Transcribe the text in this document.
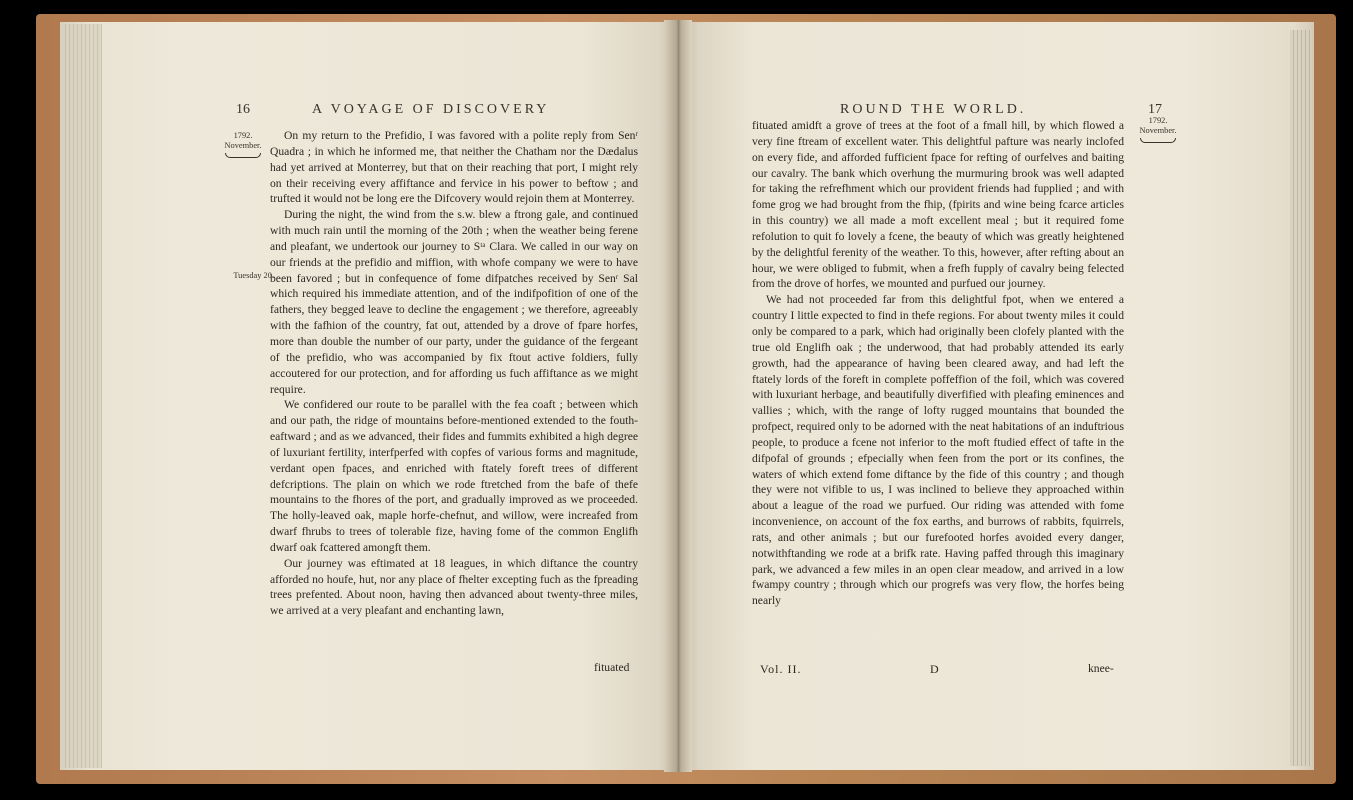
16	A VOYAGE OF DISCOVERY
1792.
November.
Tuesday 20.

On my return to the Prefidio, I was favored with a polite reply from Senʳ Quadra ; in which he informed me, that neither the Chatham nor the Dædalus had yet arrived at Monterrey, but that on their reaching that port, I might rely on their receiving every affiftance and fervice in his power to beftow ; and trufted it would not be long ere the Difcovery would rejoin them at Monterrey.

During the night, the wind from the s.w. blew a ftrong gale, and continued with much rain until the morning of the 20th ; when the weather being ferene and pleafant, we undertook our journey to Sᵗᵃ Clara. We called in our way on our friends at the prefidio and miffion, with whofe company we were to have been favored ; but in confequence of fome difpatches received by Senʳ Sal which required his immediate attention, and of the indifpofition of one of the fathers, they begged leave to decline the engagement ; we therefore, agreeably with the fafhion of the country, fat out, attended by a drove of fpare horfes, more than double the number of our party, under the guidance of the fergeant of the prefidio, who was accompanied by fix ftout active foldiers, fully accoutered for our protection, and for affording us fuch affiftance as we might require.

We confidered our route to be parallel with the fea coaft ; between which and our path, the ridge of mountains before-mentioned extended to the fouth-eaftward ; and as we advanced, their fides and fummits exhibited a high degree of luxuriant fertility, interfperfed with copfes of various forms and magnitude, verdant open fpaces, and enriched with ftately foreft trees of different defcriptions. The plain on which we rode ftretched from the bafe of thefe mountains to the fhores of the port, and gradually improved as we proceeded. The holly-leaved oak, maple horfe-chefnut, and willow, were increafed from dwarf fhrubs to trees of tolerable fize, having fome of the common Englifh dwarf oak fcattered amongft them.

Our journey was eftimated at 18 leagues, in which diftance the country afforded no houfe, hut, nor any place of fhelter excepting fuch as the fpreading trees prefented. About noon, having then advanced about twenty-three miles, we arrived at a very pleafant and enchanting lawn,

fituated
ROUND THE WORLD.	17
1792.
November.

fituated amidft a grove of trees at the foot of a fmall hill, by which flowed a very fine ftream of excellent water. This delightful pafture was nearly inclofed on every fide, and afforded fufficient fpace for refting of ourfelves and baiting our cavalry. The bank which overhung the murmuring brook was well adapted for taking the refrefhment which our provident friends had fupplied ; and with fome grog we had brought from the fhip, (fpirits and wine being fcarce articles in this country) we all made a moft excellent meal ; but it required fome refolution to quit fo lovely a fcene, the beauty of which was greatly heightened by the delightful ferenity of the weather. To this, however, after refting about an hour, we were obliged to fubmit, when a frefh fupply of cavalry being felected from the drove of horfes, we mounted and purfued our journey.

We had not proceeded far from this delightful fpot, when we entered a country I little expected to find in thefe regions. For about twenty miles it could only be compared to a park, which had originally been clofely planted with the true old Englifh oak ; the underwood, that had probably attended its early growth, had the appearance of having been cleared away, and had left the ftately lords of the foreft in complete poffeffion of the foil, which was covered with luxuriant herbage, and beautifully diverfified with pleafing eminences and vallies ; which, with the range of lofty rugged mountains that bounded the profpect, required only to be adorned with the neat habitations of an induftrious people, to produce a fcene not inferior to the moft ftudied effect of tafte in the difpofal of grounds ; efpecially when feen from the port or its confines, the waters of which extend fome diftance by the fide of this country ; and though they were not vifible to us, I was inclined to believe they approached within about a league of the road we purfued. Our riding was attended with fome inconvenience, on account of the fox earths, and burrows of rabbits, fquirrels, rats, and other animals ; but our furefooted horfes avoided every danger, notwithftanding we rode at a brifk rate. Having paffed through this imaginary park, we advanced a few miles in an open clear meadow, and arrived in a low fwampy country ; through which our progrefs was very flow, the horfes being nearly

Vol. II.	D	knee-
